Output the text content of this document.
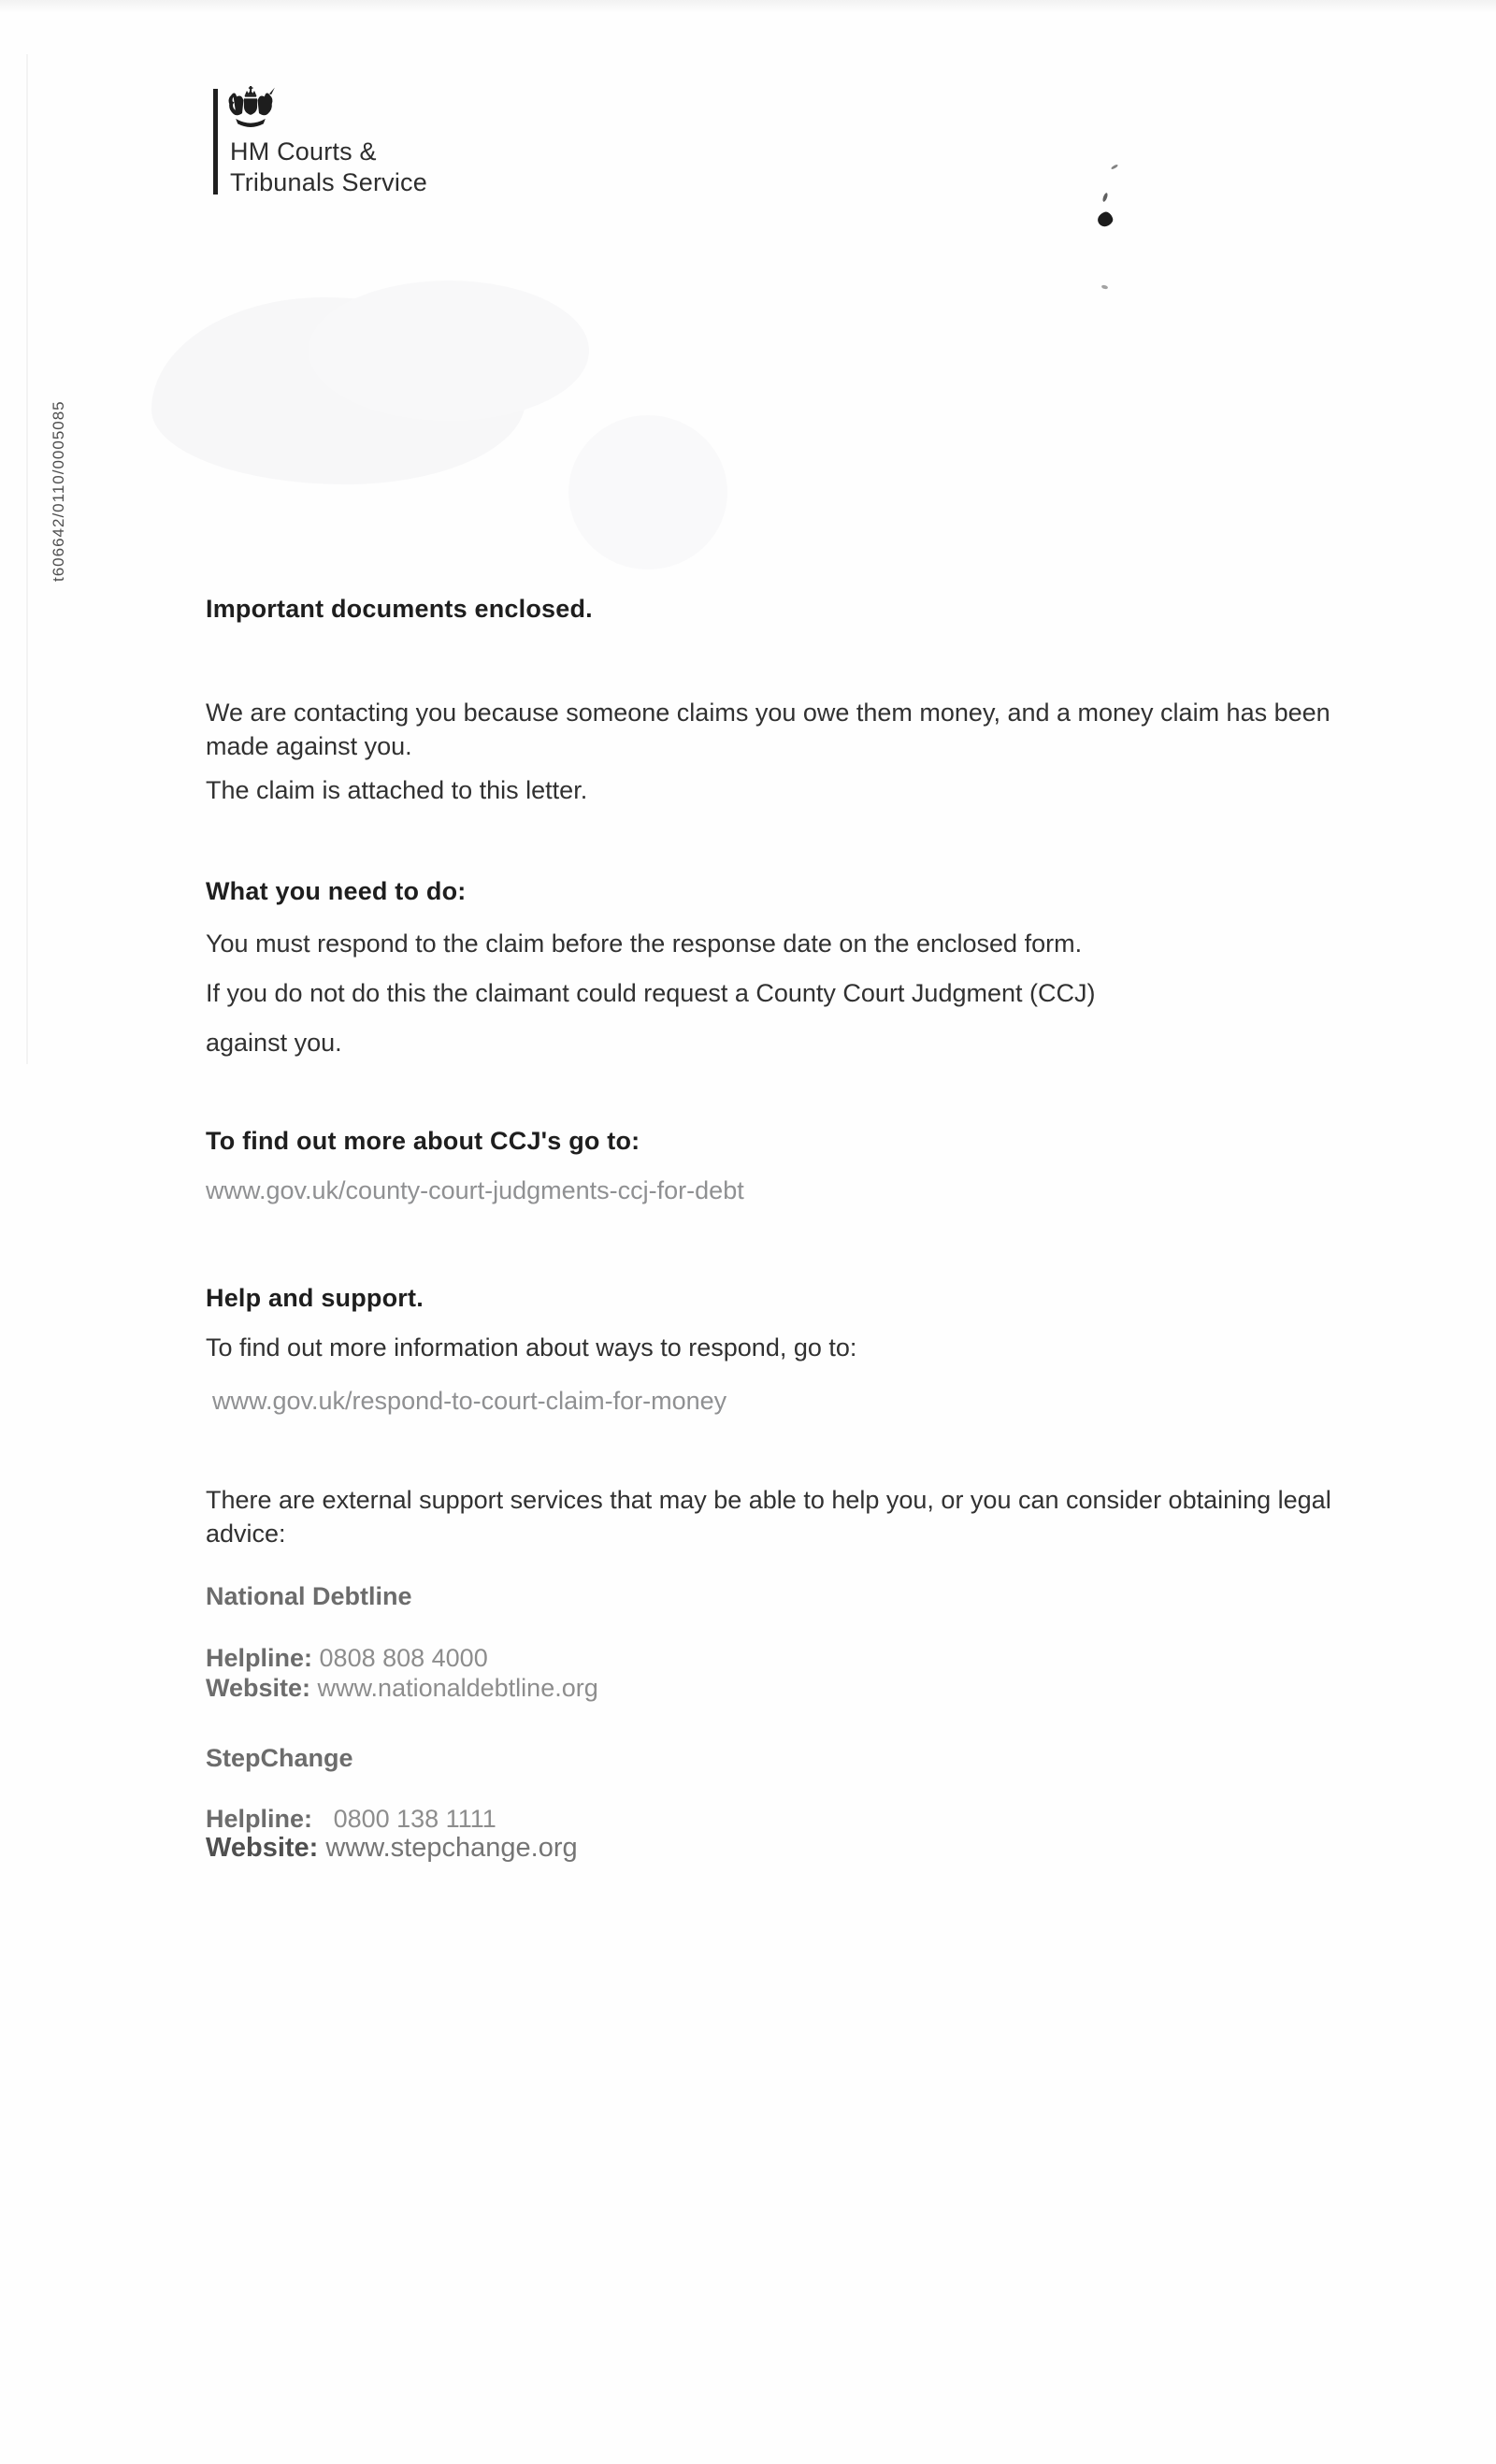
HM Courts &
Tribunals Service
t606642/0110/0005085
Important documents enclosed.
We are contacting you because someone claims you owe them money, and a money claim has been made against you.
The claim is attached to this letter.
What you need to do:
You must respond to the claim before the response date on the enclosed form.
If you do not do this the claimant could request a County Court Judgment (CCJ)
against you.
To find out more about CCJ's go to:
www.gov.uk/county-court-judgments-ccj-for-debt
Help and support.
To find out more information about ways to respond, go to:
www.gov.uk/respond-to-court-claim-for-money
There are external support services that may be able to help you, or you can consider obtaining legal advice:
National Debtline
Helpline: 0808 808 4000
Website: www.nationaldebtline.org
StepChange
Helpline: 0800 138 1111
Website: www.stepchange.org
